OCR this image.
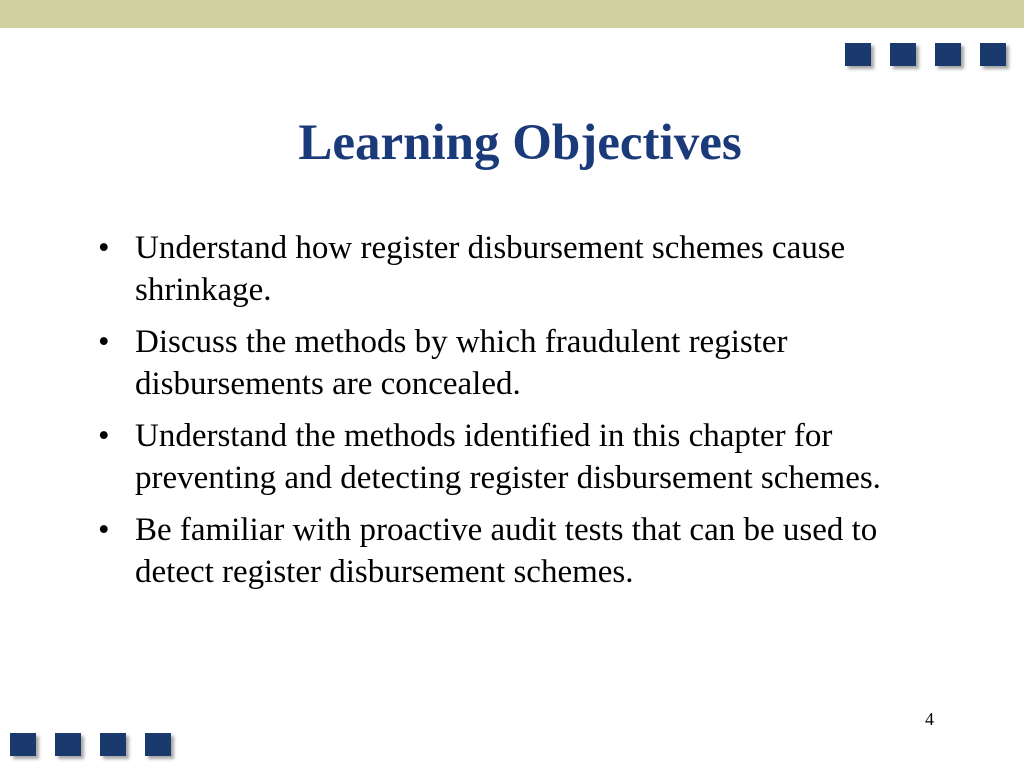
Learning Objectives
• Understand how register disbursement schemes cause shrinkage.
• Discuss the methods by which fraudulent register disbursements are concealed.
• Understand the methods identified in this chapter for preventing and detecting register disbursement schemes.
• Be familiar with proactive audit tests that can be used to detect register disbursement schemes.
4
